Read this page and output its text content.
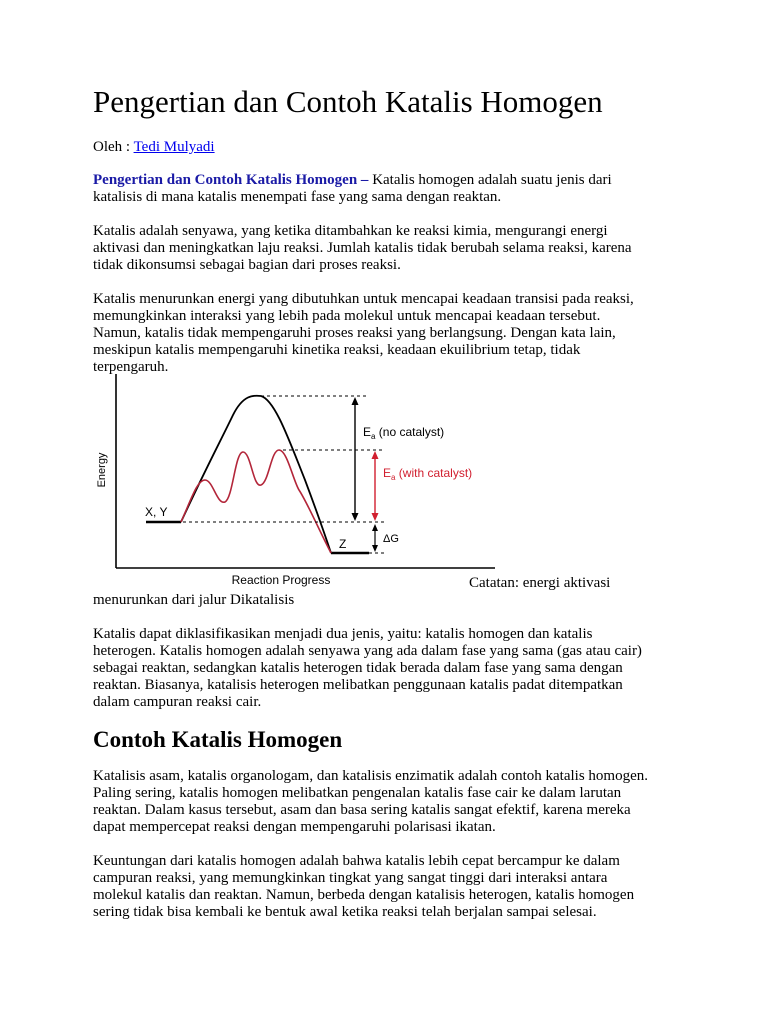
Pengertian dan Contoh Katalis Homogen
Oleh : Tedi Mulyadi

Pengertian dan Contoh Katalis Homogen – Katalis homogen adalah suatu jenis dari katalisis di mana katalis menempati fase yang sama dengan reaktan.

Katalis adalah senyawa, yang ketika ditambahkan ke reaksi kimia, mengurangi energi aktivasi dan meningkatkan laju reaksi. Jumlah katalis tidak berubah selama reaksi, karena tidak dikonsumsi sebagai bagian dari proses reaksi.

Katalis menurunkan energi yang dibutuhkan untuk mencapai keadaan transisi pada reaksi, memungkinkan interaksi yang lebih pada molekul untuk mencapai keadaan tersebut. Namun, katalis tidak mempengaruhi proses reaksi yang berlangsung. Dengan kata lain, meskipun katalis mempengaruhi kinetika reaksi, keadaan ekuilibrium tetap, tidak terpengaruh.

Energy
Reaction Progress
X, Y
Z
$E_a$ (no catalyst)
$E_a$ (with catalyst)
ΔG
Catatan: energi aktivasi
menurunkan dari jalur Dikatalisis

Katalis dapat diklasifikasikan menjadi dua jenis, yaitu: katalis homogen dan katalis heterogen. Katalis homogen adalah senyawa yang ada dalam fase yang sama (gas atau cair) sebagai reaktan, sedangkan katalis heterogen tidak berada dalam fase yang sama dengan reaktan. Biasanya, katalisis heterogen melibatkan penggunaan katalis padat ditempatkan dalam campuran reaksi cair.

Contoh Katalis Homogen

Katalisis asam, katalis organologam, dan katalisis enzimatik adalah contoh katalis homogen. Paling sering, katalis homogen melibatkan pengenalan katalis fase cair ke dalam larutan reaktan. Dalam kasus tersebut, asam dan basa sering katalis sangat efektif, karena mereka dapat mempercepat reaksi dengan mempengaruhi polarisasi ikatan.

Keuntungan dari katalis homogen adalah bahwa katalis lebih cepat bercampur ke dalam campuran reaksi, yang memungkinkan tingkat yang sangat tinggi dari interaksi antara molekul katalis dan reaktan. Namun, berbeda dengan katalisis heterogen, katalis homogen sering tidak bisa kembali ke bentuk awal ketika reaksi telah berjalan sampai selesai.
